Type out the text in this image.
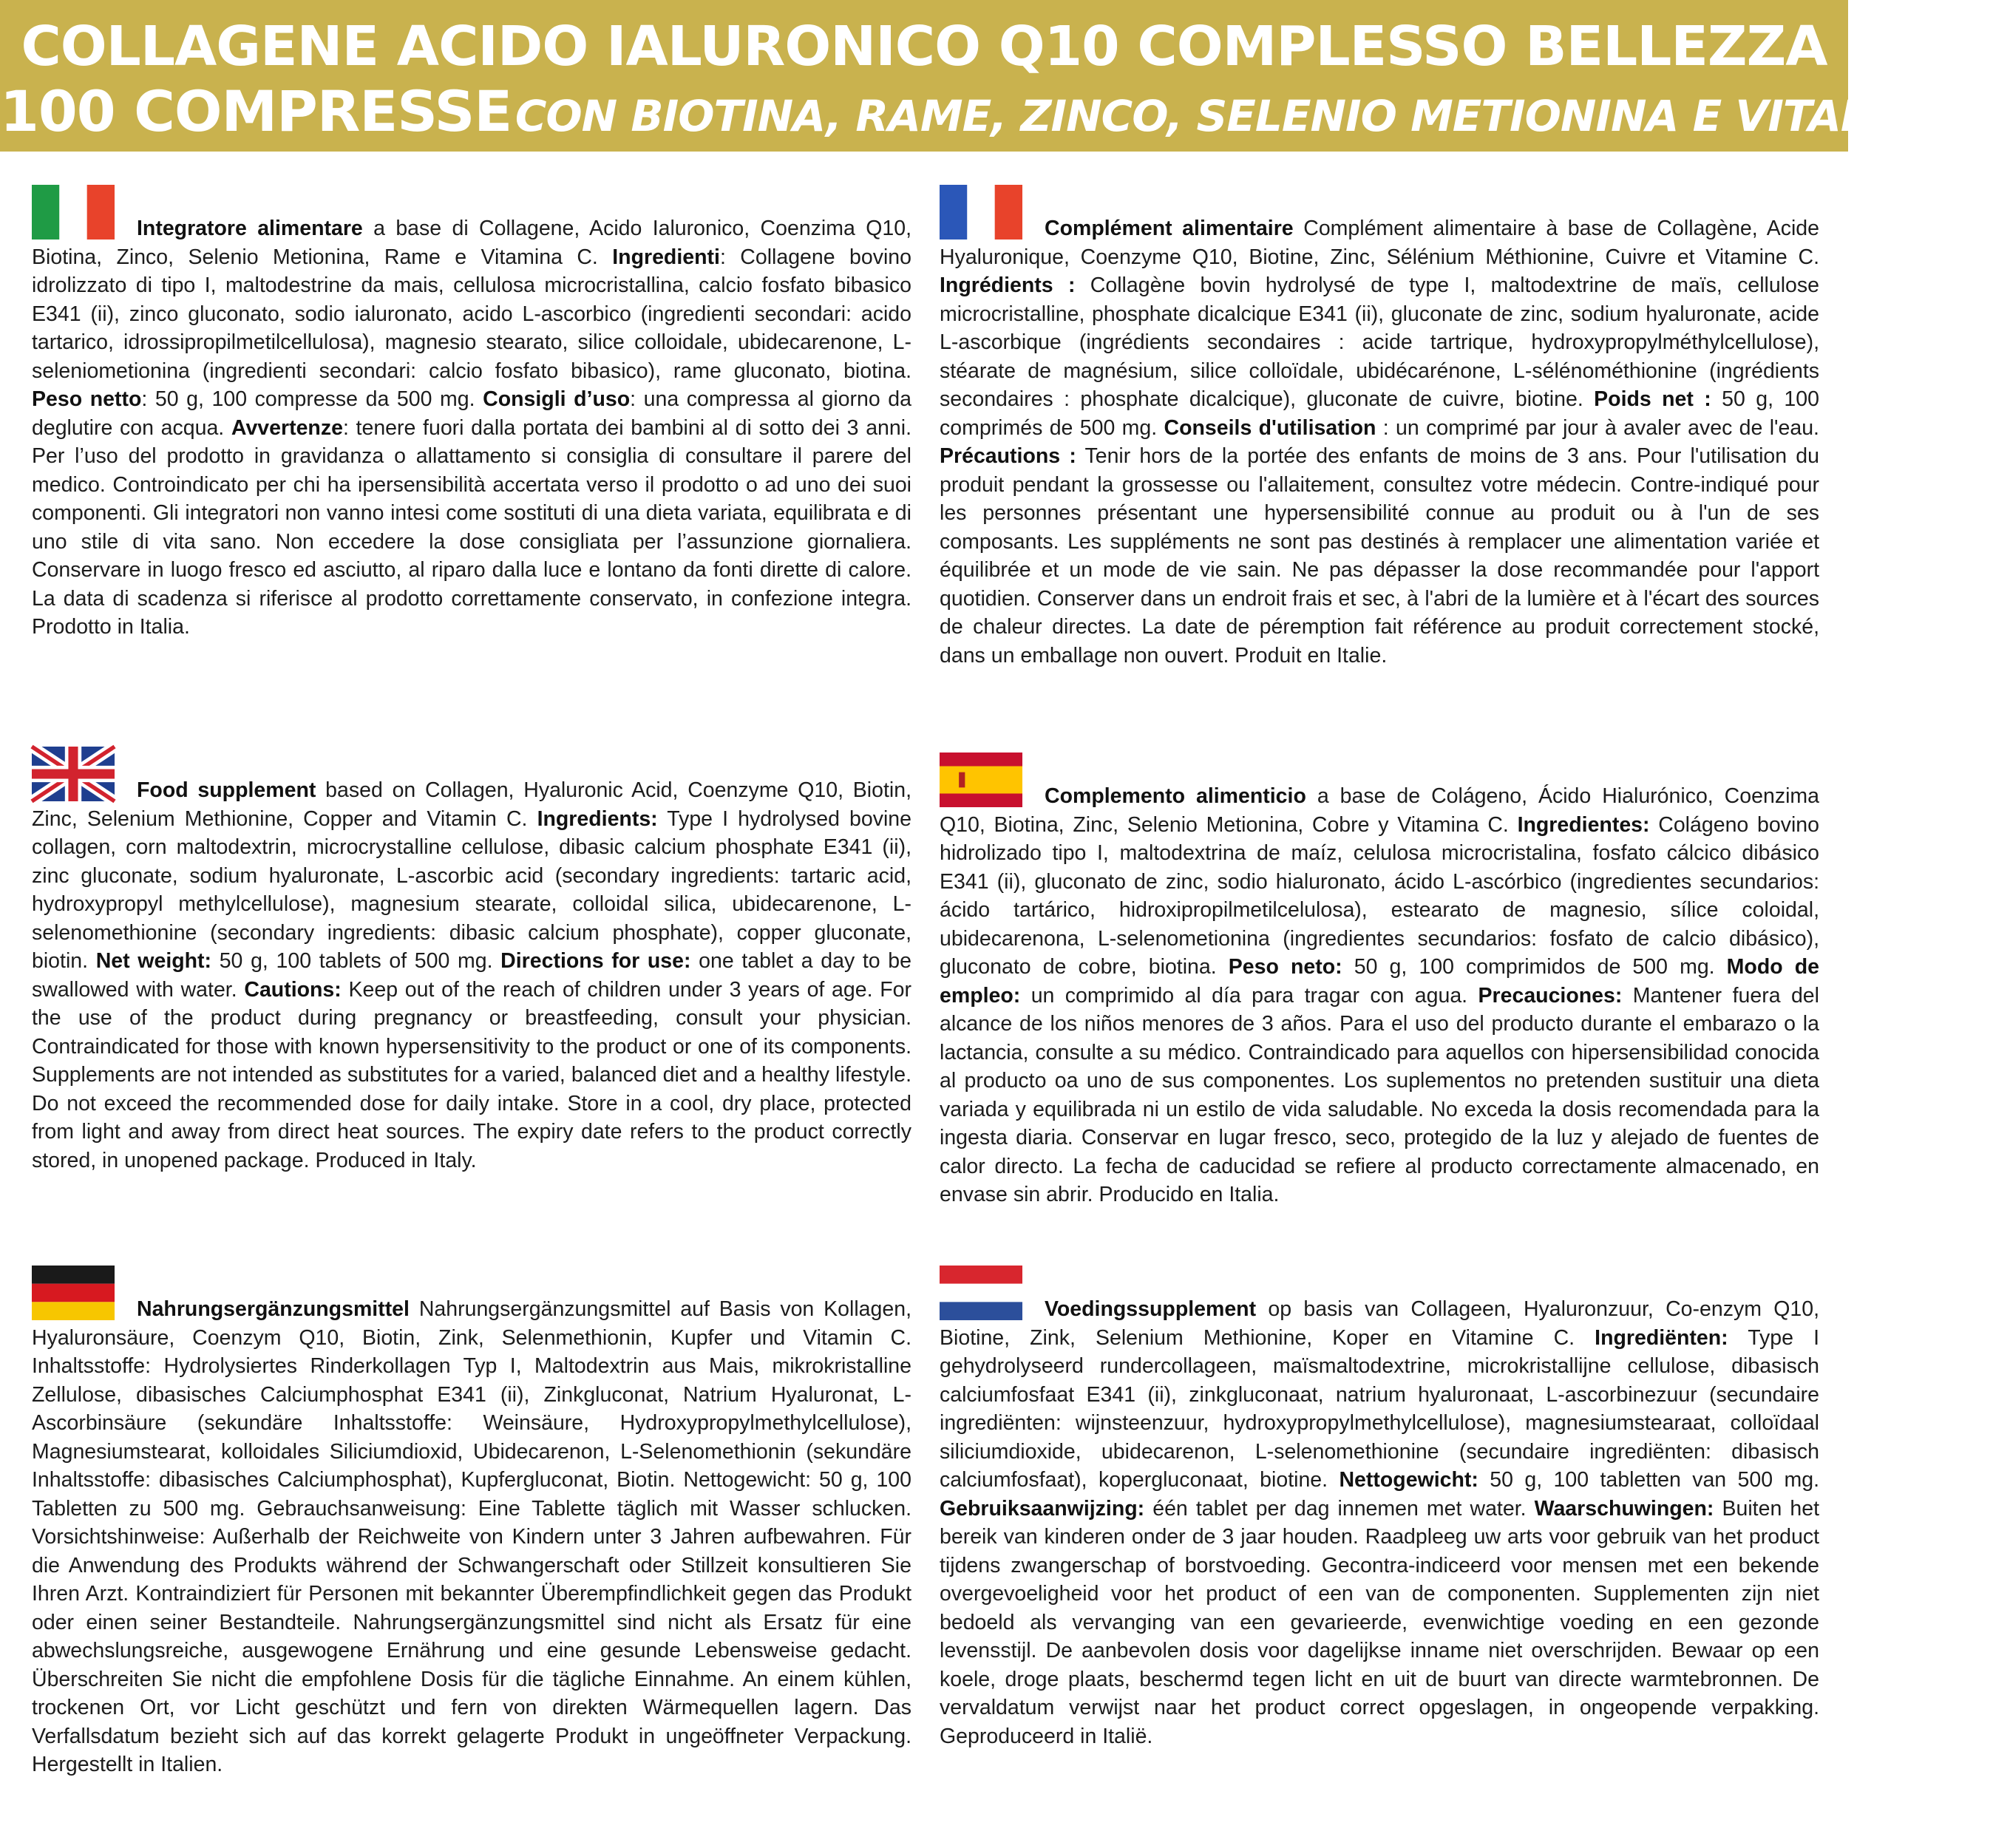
COLLAGENE ACIDO IALURONICO Q10 COMPLESSO BELLEZZA
100 COMPRESSE CON BIOTINA, RAME, ZINCO, SELENIO METIONINA E VITAMINA C
Integratore alimentare a base di Collagene, Acido Ialuronico, Coenzima Q10, Biotina, Zinco, Selenio Metionina, Rame e Vitamina C. Ingredienti: Collagene bovino idrolizzato di tipo I, maltodestrine da mais, cellulosa microcristallina, calcio fosfato bibasico E341 (ii), zinco gluconato, sodio ialuronato, acido L-ascorbico (ingredienti secondari: acido tartarico, idrossipropilmetilcellulosa), magnesio stearato, silice colloidale, ubidecarenone, L-seleniometionina (ingredienti secondari: calcio fosfato bibasico), rame gluconato, biotina. Peso netto: 50 g, 100 compresse da 500 mg. Consigli d’uso: una compressa al giorno da deglutire con acqua. Avvertenze: tenere fuori dalla portata dei bambini al di sotto dei 3 anni. Per l’uso del prodotto in gravidanza o allattamento si consiglia di consultare il parere del medico. Controindicato per chi ha ipersensibilità accertata verso il prodotto o ad uno dei suoi componenti. Gli integratori non vanno intesi come sostituti di una dieta variata, equilibrata e di uno stile di vita sano. Non eccedere la dose consigliata per l’assunzione giornaliera. Conservare in luogo fresco ed asciutto, al riparo dalla luce e lontano da fonti dirette di calore. La data di scadenza si riferisce al prodotto correttamente conservato, in confezione integra. Prodotto in Italia.
Complément alimentaire Complément alimentaire à base de Collagène, Acide Hyaluronique, Coenzyme Q10, Biotine, Zinc, Sélénium Méthionine, Cuivre et Vitamine C. Ingrédients : Collagène bovin hydrolysé de type I, maltodextrine de maïs, cellulose microcristalline, phosphate dicalcique E341 (ii), gluconate de zinc, sodium hyaluronate, acide L-ascorbique (ingrédients secondaires : acide tartrique, hydroxypropylméthylcellulose), stéarate de magnésium, silice colloïdale, ubidécarénone, L-sélénométhionine (ingrédients secondaires : phosphate dicalcique), gluconate de cuivre, biotine. Poids net : 50 g, 100 comprimés de 500 mg. Conseils d'utilisation : un comprimé par jour à avaler avec de l'eau. Précautions : Tenir hors de la portée des enfants de moins de 3 ans. Pour l'utilisation du produit pendant la grossesse ou l'allaitement, consultez votre médecin. Contre-indiqué pour les personnes présentant une hypersensibilité connue au produit ou à l'un de ses composants. Les suppléments ne sont pas destinés à remplacer une alimentation variée et équilibrée et un mode de vie sain. Ne pas dépasser la dose recommandée pour l'apport quotidien. Conserver dans un endroit frais et sec, à l'abri de la lumière et à l'écart des sources de chaleur directes. La date de péremption fait référence au produit correctement stocké, dans un emballage non ouvert. Produit en Italie.
Food supplement based on Collagen, Hyaluronic Acid, Coenzyme Q10, Biotin, Zinc, Selenium Methionine, Copper and Vitamin C. Ingredients: Type I hydrolysed bovine collagen, corn maltodextrin, microcrystalline cellulose, dibasic calcium phosphate E341 (ii), zinc gluconate, sodium hyaluronate, L-ascorbic acid (secondary ingredients: tartaric acid, hydroxypropyl methylcellulose), magnesium stearate, colloidal silica, ubidecarenone, L-selenomethionine (secondary ingredients: dibasic calcium phosphate), copper gluconate, biotin. Net weight: 50 g, 100 tablets of 500 mg. Directions for use: one tablet a day to be swallowed with water. Cautions: Keep out of the reach of children under 3 years of age. For the use of the product during pregnancy or breastfeeding, consult your physician. Contraindicated for those with known hypersensitivity to the product or one of its components. Supplements are not intended as substitutes for a varied, balanced diet and a healthy lifestyle. Do not exceed the recommended dose for daily intake. Store in a cool, dry place, protected from light and away from direct heat sources. The expiry date refers to the product correctly stored, in unopened package. Produced in Italy.
Complemento alimenticio a base de Colágeno, Ácido Hialurónico, Coenzima Q10, Biotina, Zinc, Selenio Metionina, Cobre y Vitamina C. Ingredientes: Colágeno bovino hidrolizado tipo I, maltodextrina de maíz, celulosa microcristalina, fosfato cálcico dibásico E341 (ii), gluconato de zinc, sodio hialuronato, ácido L-ascórbico (ingredientes secundarios: ácido tartárico, hidroxipropilmetilcelulosa), estearato de magnesio, sílice coloidal, ubidecarenona, L-selenometionina (ingredientes secundarios: fosfato de calcio dibásico), gluconato de cobre, biotina. Peso neto: 50 g, 100 comprimidos de 500 mg. Modo de empleo: un comprimido al día para tragar con agua. Precauciones: Mantener fuera del alcance de los niños menores de 3 años. Para el uso del producto durante el embarazo o la lactancia, consulte a su médico. Contraindicado para aquellos con hipersensibilidad conocida al producto oa uno de sus componentes. Los suplementos no pretenden sustituir una dieta variada y equilibrada ni un estilo de vida saludable. No exceda la dosis recomendada para la ingesta diaria. Conservar en lugar fresco, seco, protegido de la luz y alejado de fuentes de calor directo. La fecha de caducidad se refiere al producto correctamente almacenado, en envase sin abrir. Producido en Italia.
Nahrungsergänzungsmittel Nahrungsergänzungsmittel auf Basis von Kollagen, Hyaluronsäure, Coenzym Q10, Biotin, Zink, Selenmethionin, Kupfer und Vitamin C. Inhaltsstoffe: Hydrolysiertes Rinderkollagen Typ I, Maltodextrin aus Mais, mikrokristalline Zellulose, dibasisches Calciumphosphat E341 (ii), Zinkgluconat, Natrium Hyaluronat, L-Ascorbinsäure (sekundäre Inhaltsstoffe: Weinsäure, Hydroxypropylmethylcellulose), Magnesiumstearat, kolloidales Siliciumdioxid, Ubidecarenon, L-Selenomethionin (sekundäre Inhaltsstoffe: dibasisches Calciumphosphat), Kupfergluconat, Biotin. Nettogewicht: 50 g, 100 Tabletten zu 500 mg. Gebrauchsanweisung: Eine Tablette täglich mit Wasser schlucken. Vorsichtshinweise: Außerhalb der Reichweite von Kindern unter 3 Jahren aufbewahren. Für die Anwendung des Produkts während der Schwangerschaft oder Stillzeit konsultieren Sie Ihren Arzt. Kontraindiziert für Personen mit bekannter Überempfindlichkeit gegen das Produkt oder einen seiner Bestandteile. Nahrungsergänzungsmittel sind nicht als Ersatz für eine abwechslungsreiche, ausgewogene Ernährung und eine gesunde Lebensweise gedacht. Überschreiten Sie nicht die empfohlene Dosis für die tägliche Einnahme. An einem kühlen, trockenen Ort, vor Licht geschützt und fern von direkten Wärmequellen lagern. Das Verfallsdatum bezieht sich auf das korrekt gelagerte Produkt in ungeöffneter Verpackung. Hergestellt in Italien.
Voedingssupplement op basis van Collageen, Hyaluronzuur, Co-enzym Q10, Biotine, Zink, Selenium Methionine, Koper en Vitamine C. Ingrediënten: Type I gehydrolyseerd rundercollageen, maïsmaltodextrine, microkristallijne cellulose, dibasisch calciumfosfaat E341 (ii), zinkgluconaat, natrium hyaluronaat, L-ascorbinezuur (secundaire ingrediënten: wijnsteenzuur, hydroxypropylmethylcellulose), magnesiumstearaat, colloïdaal siliciumdioxide, ubidecarenon, L-selenomethionine (secundaire ingrediënten: dibasisch calciumfosfaat), kopergluconaat, biotine. Nettogewicht: 50 g, 100 tabletten van 500 mg. Gebruiksaanwijzing: één tablet per dag innemen met water. Waarschuwingen: Buiten het bereik van kinderen onder de 3 jaar houden. Raadpleeg uw arts voor gebruik van het product tijdens zwangerschap of borstvoeding. Gecontra-indiceerd voor mensen met een bekende overgevoeligheid voor het product of een van de componenten. Supplementen zijn niet bedoeld als vervanging van een gevarieerde, evenwichtige voeding en een gezonde levensstijl. De aanbevolen dosis voor dagelijkse inname niet overschrijden. Bewaar op een koele, droge plaats, beschermd tegen licht en uit de buurt van directe warmtebronnen. De vervaldatum verwijst naar het product correct opgeslagen, in ongeopende verpakking. Geproduceerd in Italië.
